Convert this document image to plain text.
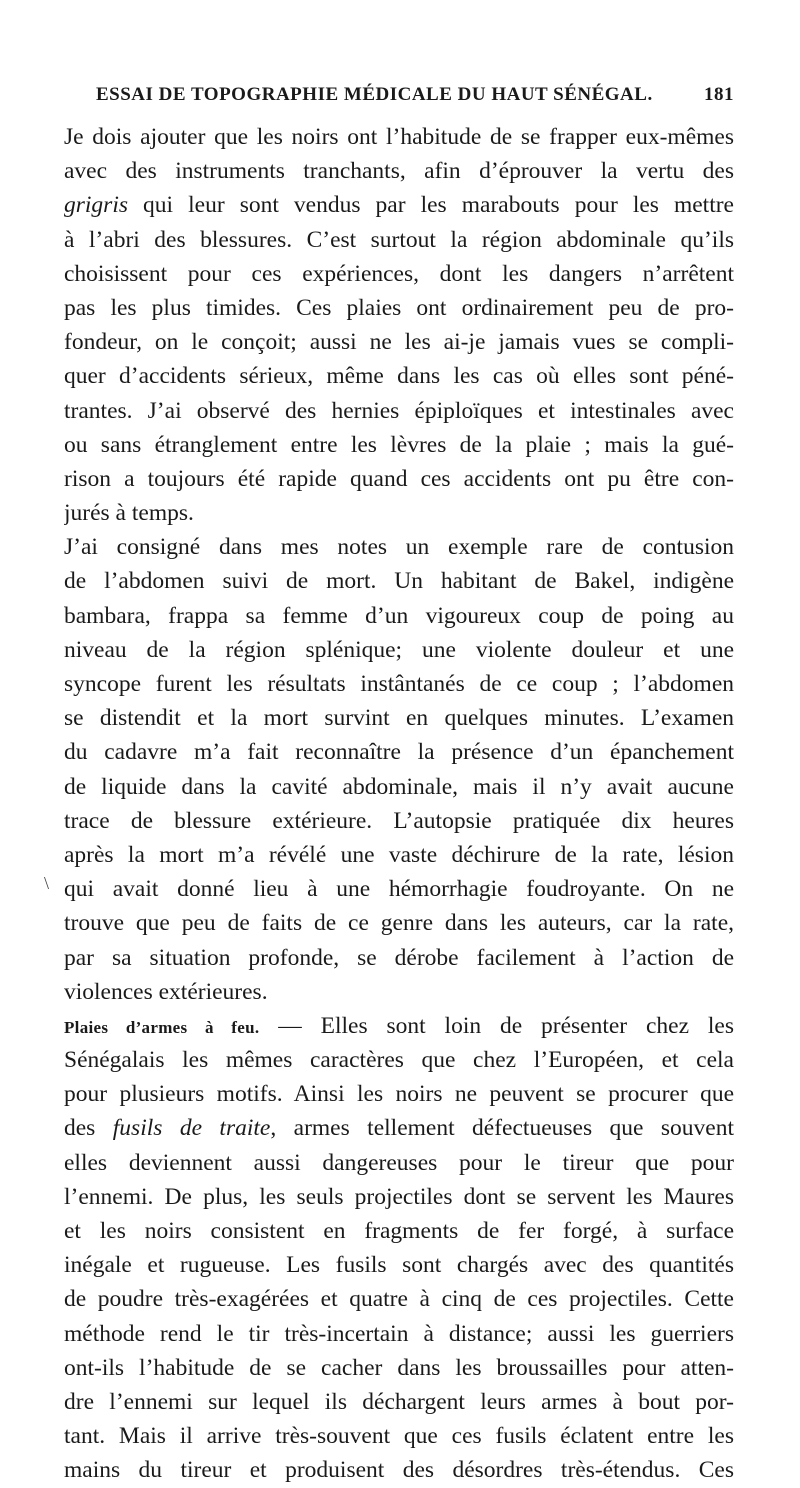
ESSAI DE TOPOGRAPHIE MÉDICALE DU HAUT SÉNÉGAL.	181
\
Je dois ajouter que les noirs ont l’habitude de se frapper eux-mêmes
avec des instruments tranchants, afin d’éprouver la vertu des
grigris qui leur sont vendus par les marabouts pour les mettre
à l’abri des blessures. C’est surtout la région abdominale qu’ils
choisissent pour ces expériences, dont les dangers n’arrêtent
pas les plus timides. Ces plaies ont ordinairement peu de pro-
fondeur, on le conçoit; aussi ne les ai-je jamais vues se compli-
quer d’accidents sérieux, même dans les cas où elles sont péné-
trantes. J’ai observé des hernies épiploïques et intestinales avec
ou sans étranglement entre les lèvres de la plaie ; mais la gué-
rison a toujours été rapide quand ces accidents ont pu être con-
jurés à temps.
J’ai consigné dans mes notes un exemple rare de contusion
de l’abdomen suivi de mort. Un habitant de Bakel, indigène
bambara, frappa sa femme d’un vigoureux coup de poing au
niveau de la région splénique; une violente douleur et une
syncope furent les résultats instântanés de ce coup ; l’abdomen
se distendit et la mort survint en quelques minutes. L’examen
du cadavre m’a fait reconnaître la présence d’un épanchement
de liquide dans la cavité abdominale, mais il n’y avait aucune
trace de blessure extérieure. L’autopsie pratiquée dix heures
après la mort m’a révélé une vaste déchirure de la rate, lésion
qui avait donné lieu à une hémorrhagie foudroyante. On ne
trouve que peu de faits de ce genre dans les auteurs, car la rate,
par sa situation profonde, se dérobe facilement à l’action de
violences extérieures.
Plaies d’armes à feu. — Elles sont loin de présenter chez les
Sénégalais les mêmes caractères que chez l’Européen, et cela
pour plusieurs motifs. Ainsi les noirs ne peuvent se procurer que
des fusils de traite, armes tellement défectueuses que souvent
elles deviennent aussi dangereuses pour le tireur que pour
l’ennemi. De plus, les seuls projectiles dont se servent les Maures
et les noirs consistent en fragments de fer forgé, à surface
inégale et rugueuse. Les fusils sont chargés avec des quantités
de poudre très-exagérées et quatre à cinq de ces projectiles. Cette
méthode rend le tir très-incertain à distance; aussi les guerriers
ont-ils l’habitude de se cacher dans les broussailles pour atten-
dre l’ennemi sur lequel ils déchargent leurs armes à bout por-
tant. Mais il arrive très-souvent que ces fusils éclatent entre les
mains du tireur et produisent des désordres très-étendus. Ces
